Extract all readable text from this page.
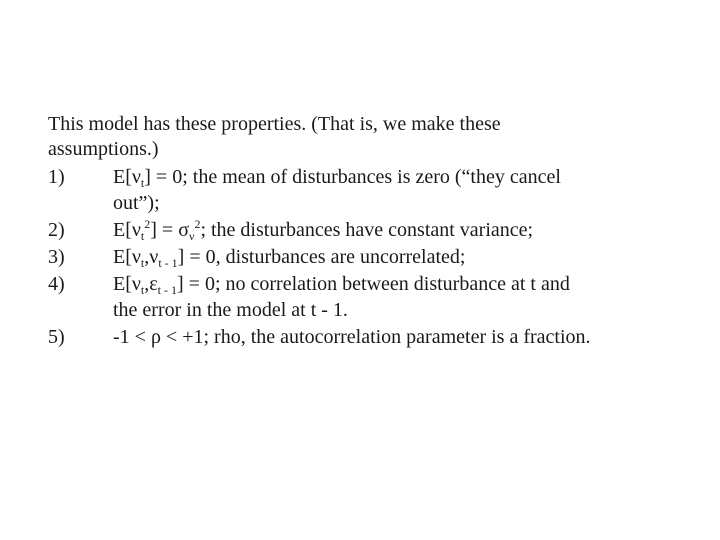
This model has these properties. (That is, we make these
assumptions.)
1) $E[\nu_t] = 0$; the mean of disturbances is zero (“they cancel
out”);
2) $E[\nu_t^2] = \sigma_\nu^2$; the disturbances have constant variance;
3) $E[\nu_t,\nu_{t - 1}] = 0$, disturbances are uncorrelated;
4) $E[\nu_t,\varepsilon_{t - 1}] = 0$; no correlation between disturbance at t and
the error in the model at t - 1.
5) -1 < ρ < +1; rho, the autocorrelation parameter is a fraction.
